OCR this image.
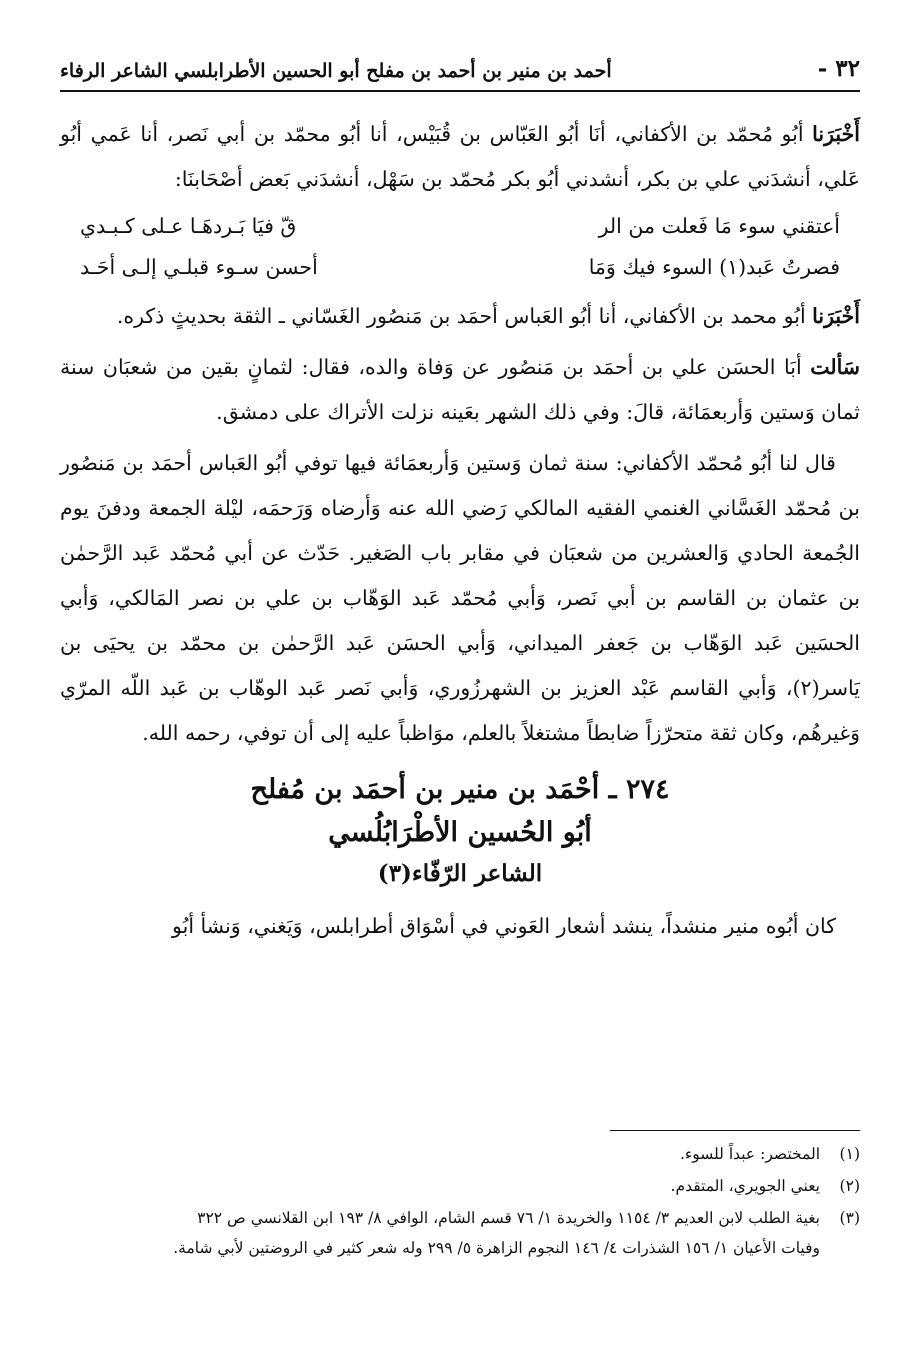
٣٢ -
أحمد بن منير بن أحمد بن مفلح أبو الحسين الأطرابلسي الشاعر الرفاء

أَخْبَرَنا أبُو مُحمّد بن الأكفاني، أنَا أبُو العَبّاس بن قُبَيْس، أنا أبُو محمّد بن أبي نَصر، أنا عَمي أبُو عَلي، أنشدَني علي بن بكر، أنشدني أبُو بكر مُحمّد بن سَهْل، أنشدَني بَعض أصْحَابنَا:

أعتقني سوء مَا فَعلت من الر
قّ فيَا بَـردهَـا عـلى كـبـدي
فصرتُ عَبد(١) السوء فيك وَمَا
أحسن سـوء قبلـي إلـى أحَـد

أَخْبَرَنا أبُو محمد بن الأكفاني، أنا أبُو العَباس أحمَد بن مَنصُور الغَسّاني ـ الثقة بحديثٍ ذكره.

سَألت أبَا الحسَن علي بن أحمَد بن مَنصُور عن وَفاة والده، فقال: لثمانٍ بقين من شعبَان سنة ثمان وَستين وَأربعمَائة، قالَ: وفي ذلك الشهر بعَينه نزلت الأتراك على دمشق.

قال لنا أبُو مُحمّد الأكفاني: سنة ثمان وَستين وَأربعمَائة فيها توفي أبُو العَباس أحمَد بن مَنصُور بن مُحمّد الغَسَّاني الغنمي الفقيه المالكي رَضي الله عنه وَأرضاه وَرَحمَه، ليْلة الجمعة ودفنَ يوم الجُمعة الحادي وَالعشرين من شعبَان في مقابر باب الصَغير. حَدّث عن أبي مُحمّد عَبد الرَّحمٰن بن عثمان بن القاسم بن أبي نَصر، وَأبي مُحمّد عَبد الوَهّاب بن علي بن نصر المَالكي، وَأبي الحسَين عَبد الوَهّاب بن جَعفر الميداني، وَأبي الحسَن عَبد الرَّحمٰن بن محمّد بن يحيَى بن يَاسر(٢)، وَأبي القاسم عَبْد العزيز بن الشهرزُوري، وَأبي نَصر عَبد الوهّاب بن عَبد اللّه المرّي وَغيرهُم، وكان ثقة متحرّزاً ضابطاً مشتغلاً بالعلم، موَاظباً عليه إلى أن توفي، رحمه الله.

٢٧٤ ـ أحْمَد بن منير بن أحمَد بن مُفلح
أبُو الحُسين الأطْرَابُلُسي
الشاعر الرّفّاء(٣)

كان أبُوه منير منشداً، ينشد أشعار العَوني في أسْوَاق أطرابلس، وَيَغني، وَنشأ أبُو

(١)
المختصر: عبداً للسوء.
(٢)
يعني الجويري، المتقدم.
(٣)
بغية الطلب لابن العديم ٣/ ١١٥٤ والخريدة ١/ ٧٦ قسم الشام، الوافي ٨/ ١٩٣ ابن القلانسي ص ٣٢٢
وفيات الأعيان ١/ ١٥٦ الشذرات ٤/ ١٤٦ النجوم الزاهرة ٥/ ٢٩٩ وله شعر كثير في الروضتين لأبي شامة.
